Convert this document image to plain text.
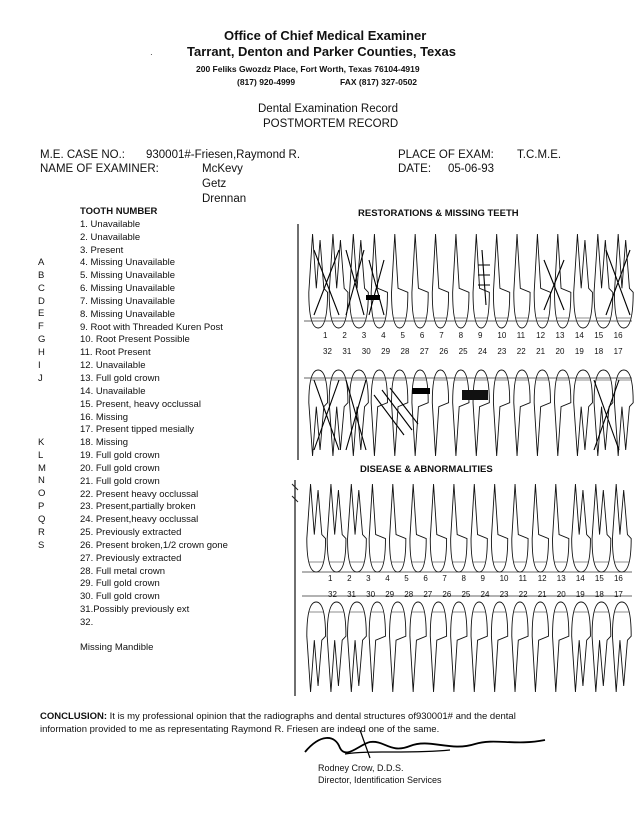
Office of Chief Medical Examiner
Tarrant, Denton and Parker Counties, Texas
·
200 Feliks Gwozdz Place, Fort Worth, Texas 76104-4919
(817) 920-4999	FAX (817) 327-0502
Dental Examination Record
POSTMORTEM RECORD
M.E. CASE NO.: 930001#-Friesen,Raymond R.	PLACE OF EXAM: T.C.M.E.
NAME OF EXAMINER:	McKevy
Getz
Drennan
DATE: 05-06-93
TOOTH NUMBER
1. Unavailable
2. Unavailable
3. Present
4. Missing Unavailable
5. Missing Unavailable
6. Missing Unavailable
7. Missing Unavailable
8. Missing Unavailable
9. Root with Threaded Kuren Post
10. Root Present Possible
11. Root Present
12. Unavailable
13. Full gold crown
14. Unavailable
15. Present, heavy occlussal
16. Missing
17. Present tipped mesially
18. Missing
19. Full gold crown
20. Full gold crown
21. Full gold crown
22. Present heavy occlussal
23. Present,partially broken
24. Present,heavy occlussal
25. Previously extracted
26. Present broken,1/2 crown gone
27. Previously extracted
28. Full metal crown
29. Full gold crown
30. Full gold crown
31.Possibly previously ext
32.
Missing Mandible
A
B
C
D
E
F
G
H
I
J
K
L
M
N
O
P
Q
R
S
RESTORATIONS & MISSING TEETH
1 2 3 4 5 6 7 8 9 10 11 12 13 14 15 16
32 31 30 29 28 27 26 25 24 23 22 21 20 19 18 17
DISEASE & ABNORMALITIES
1 2 3 4 5 6 7 8 9 10 11 12 13 14 15 16
32 31 30 29 28 27 26 25 24 23 22 21 20 19 18 17
CONCLUSION: It is my professional opinion that the radiographs and dental structures of930001# and the dental
information provided to me as representating Raymond R. Friesen are indeed one of the same.
Rodney Crow, D.D.S.
Director, Identification Services
